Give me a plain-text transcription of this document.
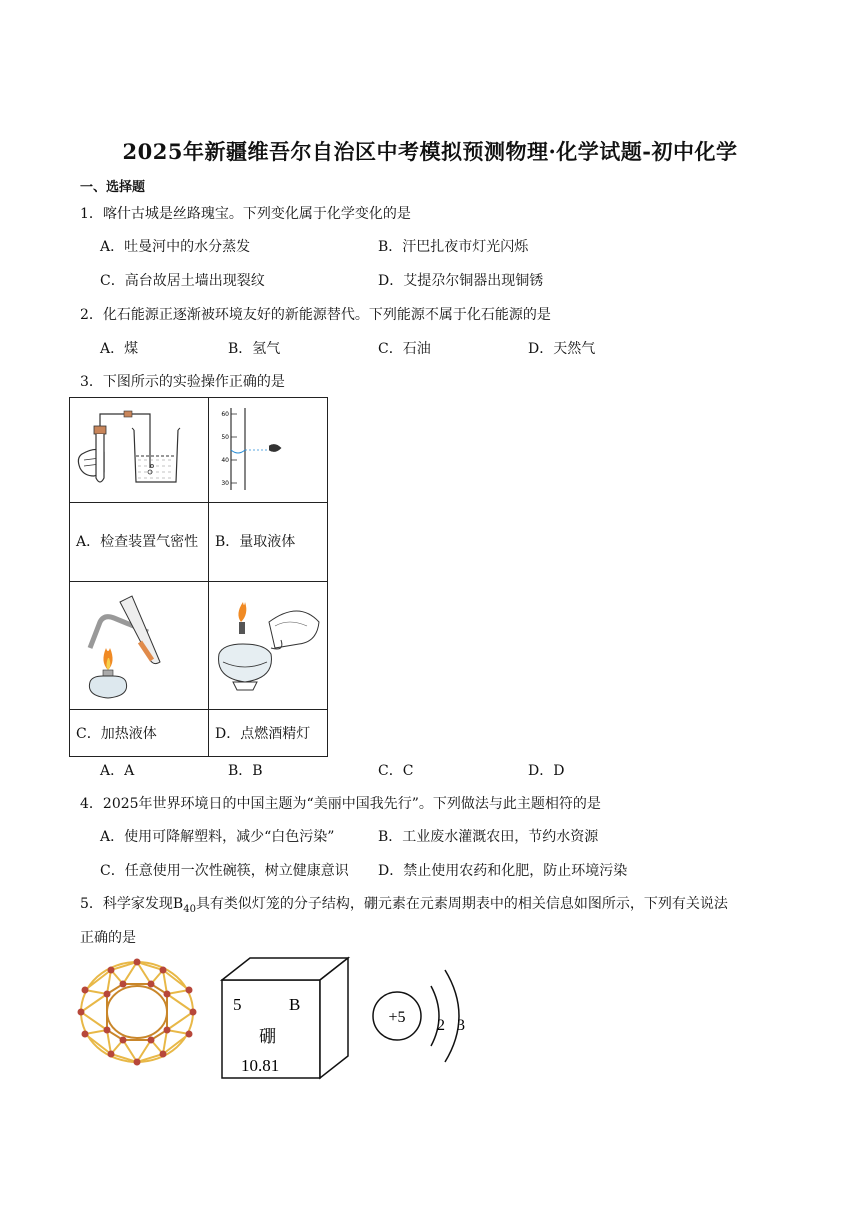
2025年新疆维吾尔自治区中考模拟预测物理·化学试题-初中化学
一、选择题
1．喀什古城是丝路瑰宝。下列变化属于化学变化的是
A．吐曼河中的水分蒸发	B．汗巴扎夜市灯光闪烁
C．高台故居土墙出现裂纹	D．艾提尕尔铜器出现铜锈
2．化石能源正逐渐被环境友好的新能源替代。下列能源不属于化石能源的是
A．煤	B．氢气	C．石油	D．天然气
3．下图所示的实验操作正确的是

60
50
40
30

A．检查装置气密性	B．量取液体

C．加热液体	D．点燃酒精灯
A．A	B．B	C．C	D．D
4．2025年世界环境日的中国主题为“美丽中国我先行”。下列做法与此主题相符的是
A．使用可降解塑料，减少“白色污染”	B．工业废水灌溉农田，节约水资源
C．任意使用一次性碗筷，树立健康意识 D．禁止使用农药和化肥，防止环境污染
5．科学家发现$B_{40}$具有类似灯笼的分子结构，硼元素在元素周期表中的相关信息如图所示，下列有关说法
正确的是
5	B
硼
10.81
+5 2 3
